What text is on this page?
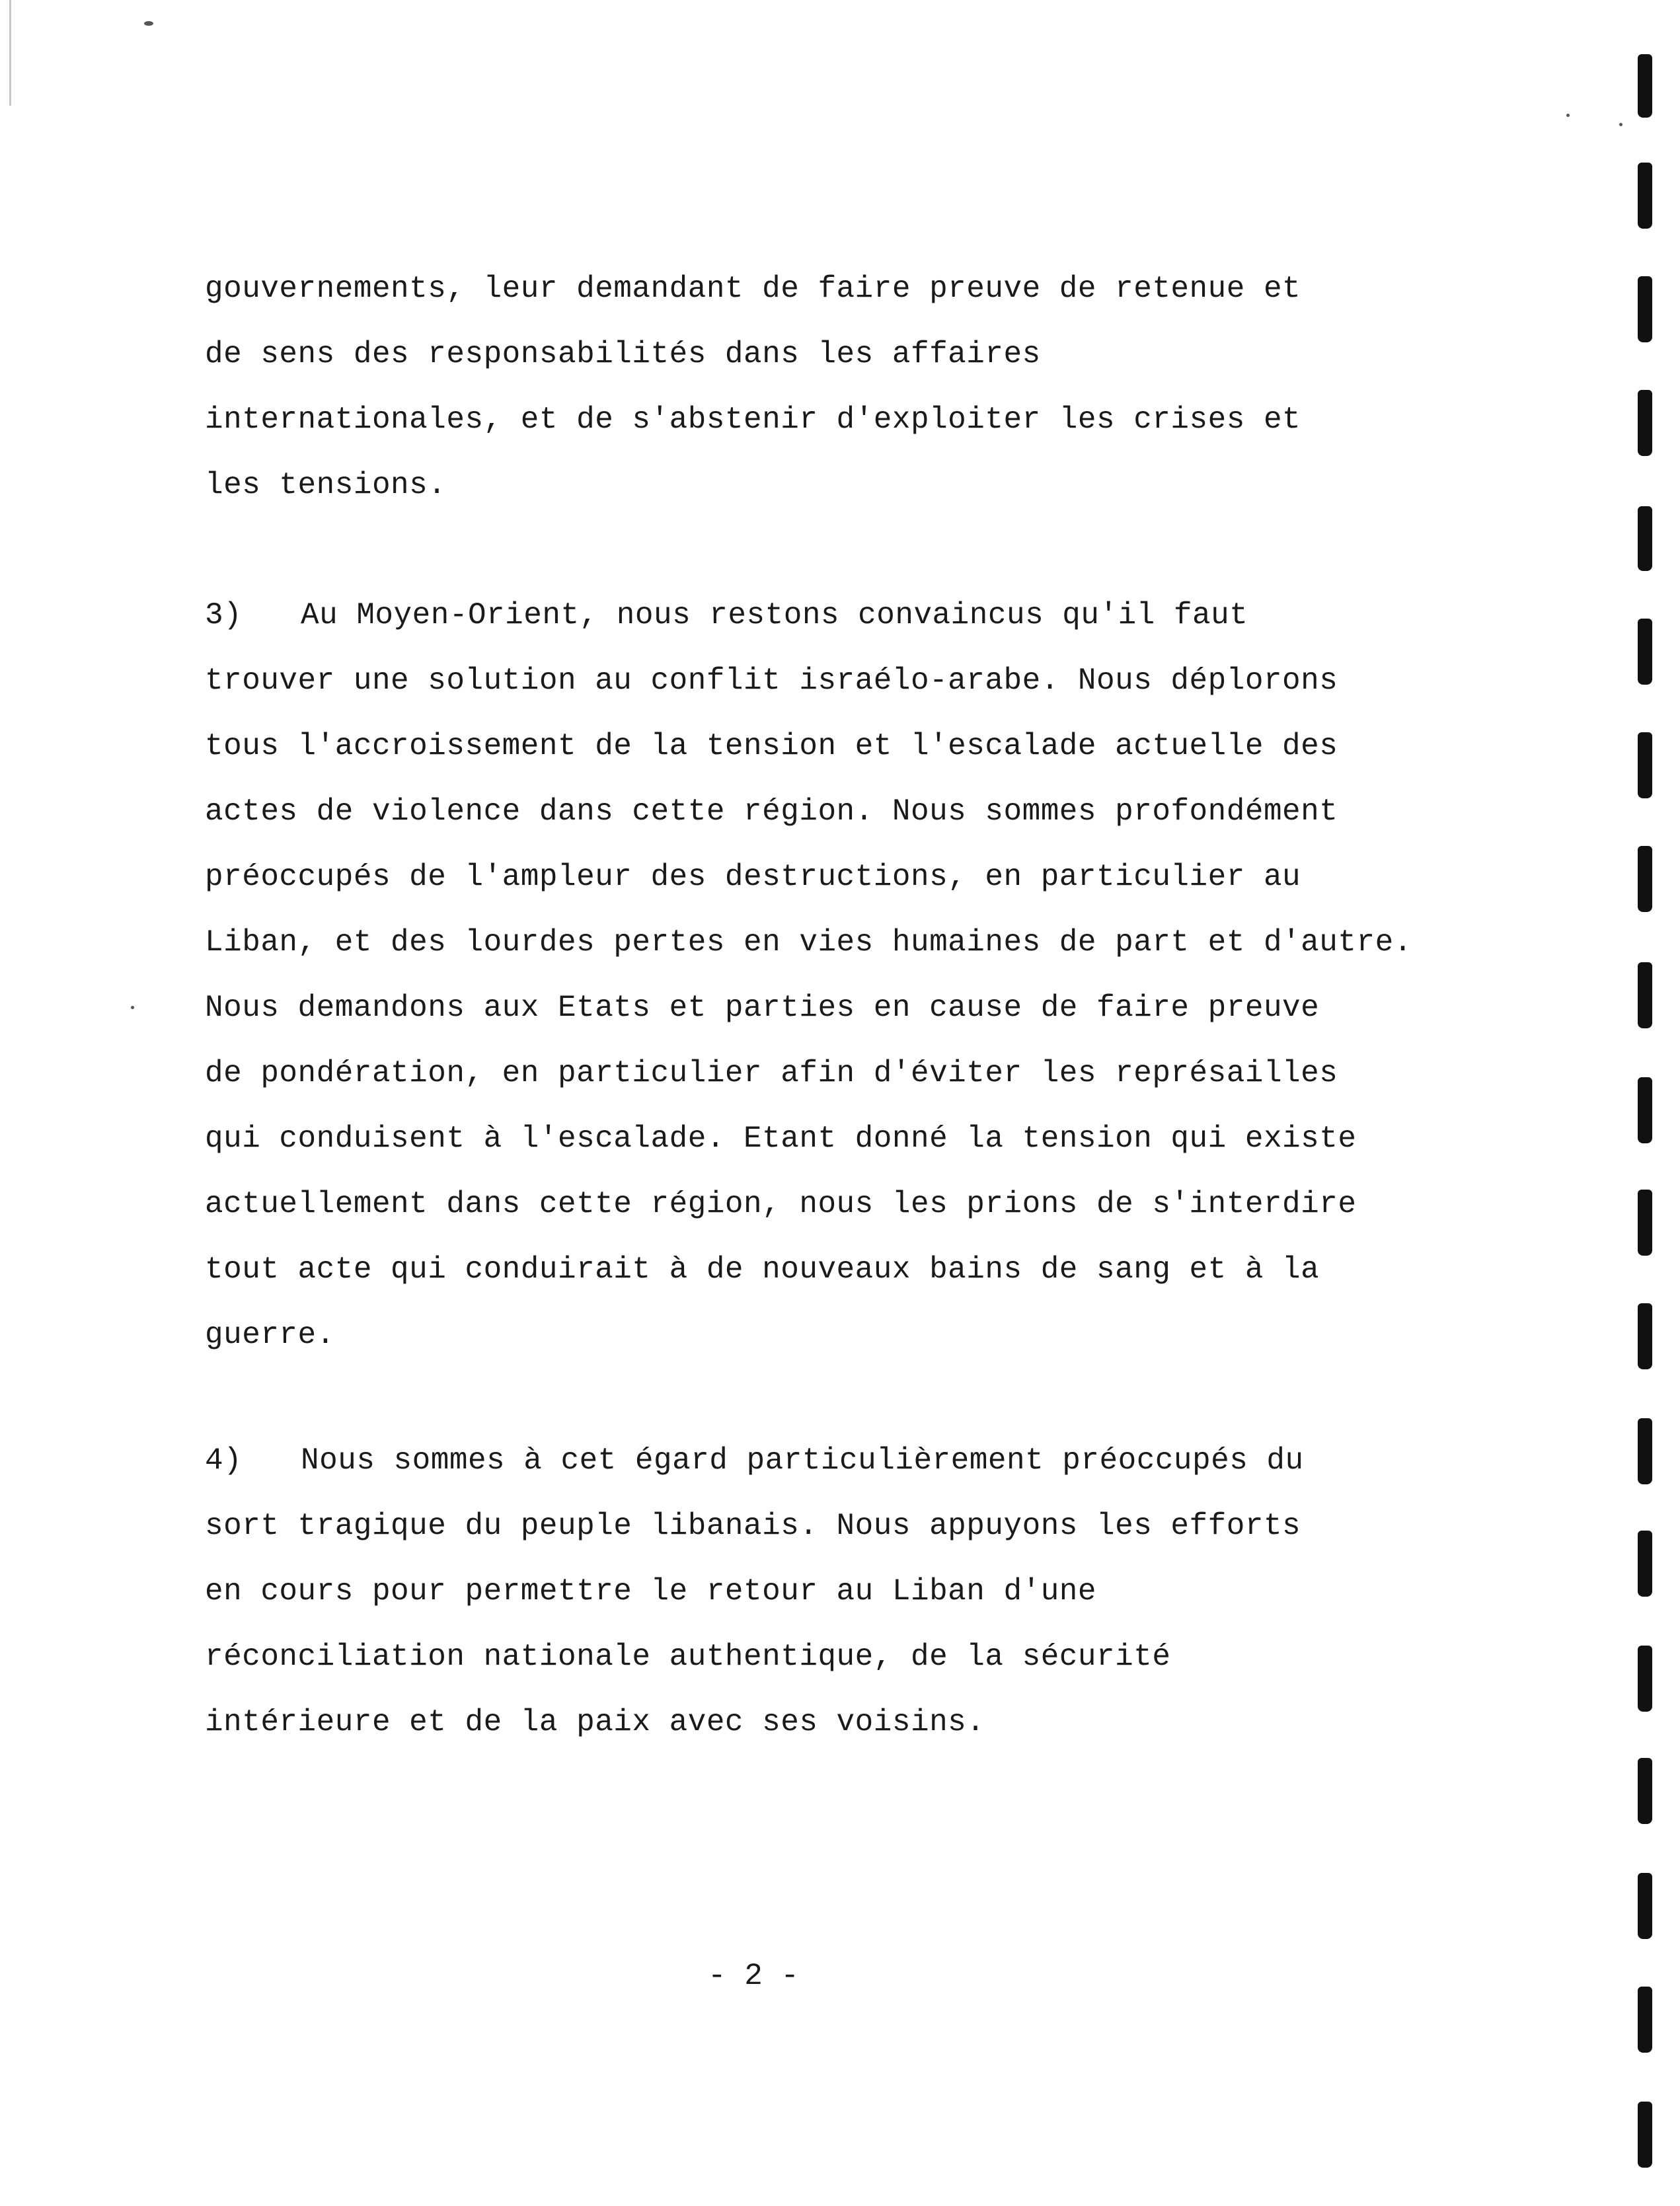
gouvernements, leur demandant de faire preuve de retenue et
de sens des responsabilités dans les affaires
internationales, et de s'abstenir d'exploiter les crises et
les tensions.
3) Au Moyen-Orient, nous restons convaincus qu'il faut
trouver une solution au conflit israélo-arabe. Nous déplorons
tous l'accroissement de la tension et l'escalade actuelle des
actes de violence dans cette région. Nous sommes profondément
préoccupés de l'ampleur des destructions, en particulier au
Liban, et des lourdes pertes en vies humaines de part et d'autre.
Nous demandons aux Etats et parties en cause de faire preuve
de pondération, en particulier afin d'éviter les représailles
qui conduisent à l'escalade. Etant donné la tension qui existe
actuellement dans cette région, nous les prions de s'interdire
tout acte qui conduirait à de nouveaux bains de sang et à la
guerre.
4) Nous sommes à cet égard particulièrement préoccupés du
sort tragique du peuple libanais. Nous appuyons les efforts
en cours pour permettre le retour au Liban d'une
réconciliation nationale authentique, de la sécurité
intérieure et de la paix avec ses voisins.
- 2 -
